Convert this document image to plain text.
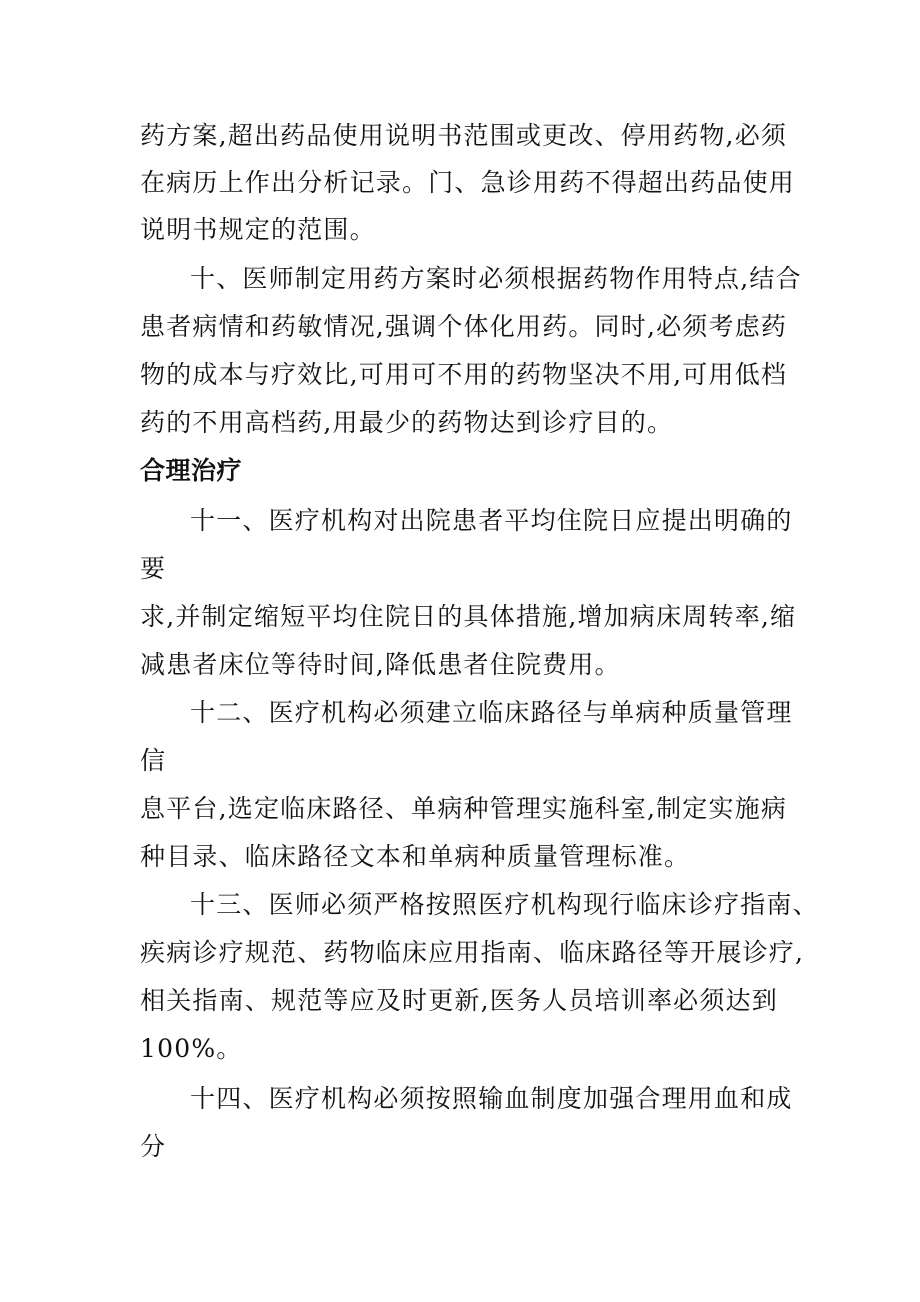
药方案,超出药品使用说明书范围或更改、停用药物,必须
在病历上作出分析记录。门、急诊用药不得超出药品使用
说明书规定的范围。
十、医师制定用药方案时必须根据药物作用特点,结合
患者病情和药敏情况,强调个体化用药。同时,必须考虑药
物的成本与疗效比,可用可不用的药物坚决不用,可用低档
药的不用高档药,用最少的药物达到诊疗目的。
合理治疗
十一、医疗机构对出院患者平均住院日应提出明确的
要
求,并制定缩短平均住院日的具体措施,增加病床周转率,缩
减患者床位等待时间,降低患者住院费用。
十二、医疗机构必须建立临床路径与单病种质量管理
信
息平台,选定临床路径、单病种管理实施科室,制定实施病
种目录、临床路径文本和单病种质量管理标准。
十三、医师必须严格按照医疗机构现行临床诊疗指南、
疾病诊疗规范、药物临床应用指南、临床路径等开展诊疗,
相关指南、规范等应及时更新,医务人员培训率必须达到
100%。
十四、医疗机构必须按照输血制度加强合理用血和成
分
